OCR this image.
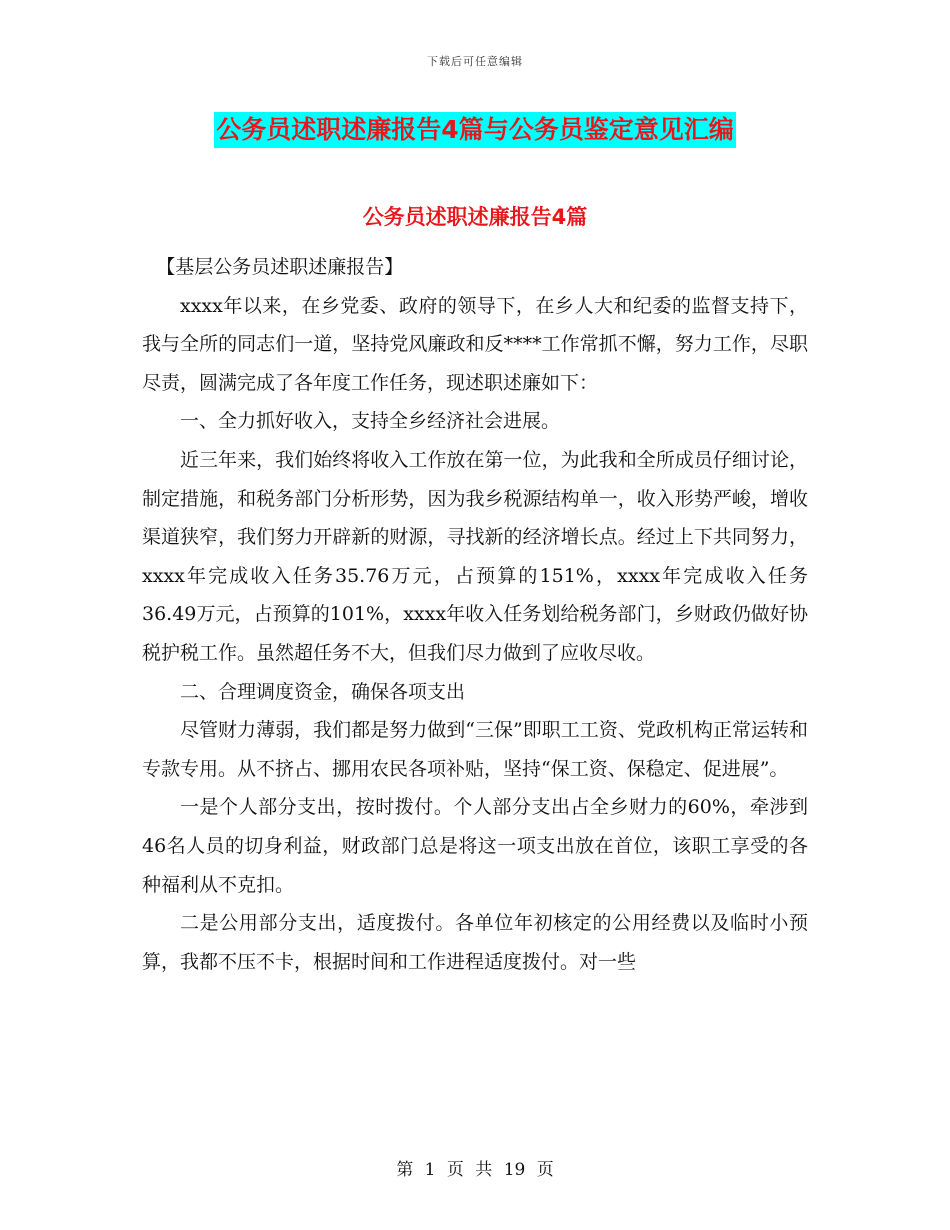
下载后可任意编辑
公务员述职述廉报告4篇与公务员鉴定意见汇编
公务员述职述廉报告4篇

【基层公务员述职述廉报告】

xxxx年以来，在乡党委、政府的领导下，在乡人大和纪委的监督支持下，我与全所的同志们一道，坚持党风廉政和反****工作常抓不懈，努力工作，尽职尽责，圆满完成了各年度工作任务，现述职述廉如下：

一、全力抓好收入，支持全乡经济社会进展。

近三年来，我们始终将收入工作放在第一位，为此我和全所成员仔细讨论，制定措施，和税务部门分析形势，因为我乡税源结构单一，收入形势严峻，增收渠道狭窄，我们努力开辟新的财源，寻找新的经济增长点。经过上下共同努力，xxxx年完成收入任务35.76万元，占预算的151%，xxxx年完成收入任务36.49万元，占预算的101%，xxxx年收入任务划给税务部门，乡财政仍做好协税护税工作。虽然超任务不大，但我们尽力做到了应收尽收。

二、合理调度资金，确保各项支出

尽管财力薄弱，我们都是努力做到“三保”即职工工资、党政机构正常运转和专款专用。从不挤占、挪用农民各项补贴，坚持“保工资、保稳定、促进展”。

一是个人部分支出，按时拨付。个人部分支出占全乡财力的60%，牵涉到46名人员的切身利益，财政部门总是将这一项支出放在首位，该职工享受的各种福利从不克扣。

二是公用部分支出，适度拨付。各单位年初核定的公用经费以及临时小预算，我都不压不卡，根据时间和工作进程适度拨付。对一些

第 1 页 共 19 页
